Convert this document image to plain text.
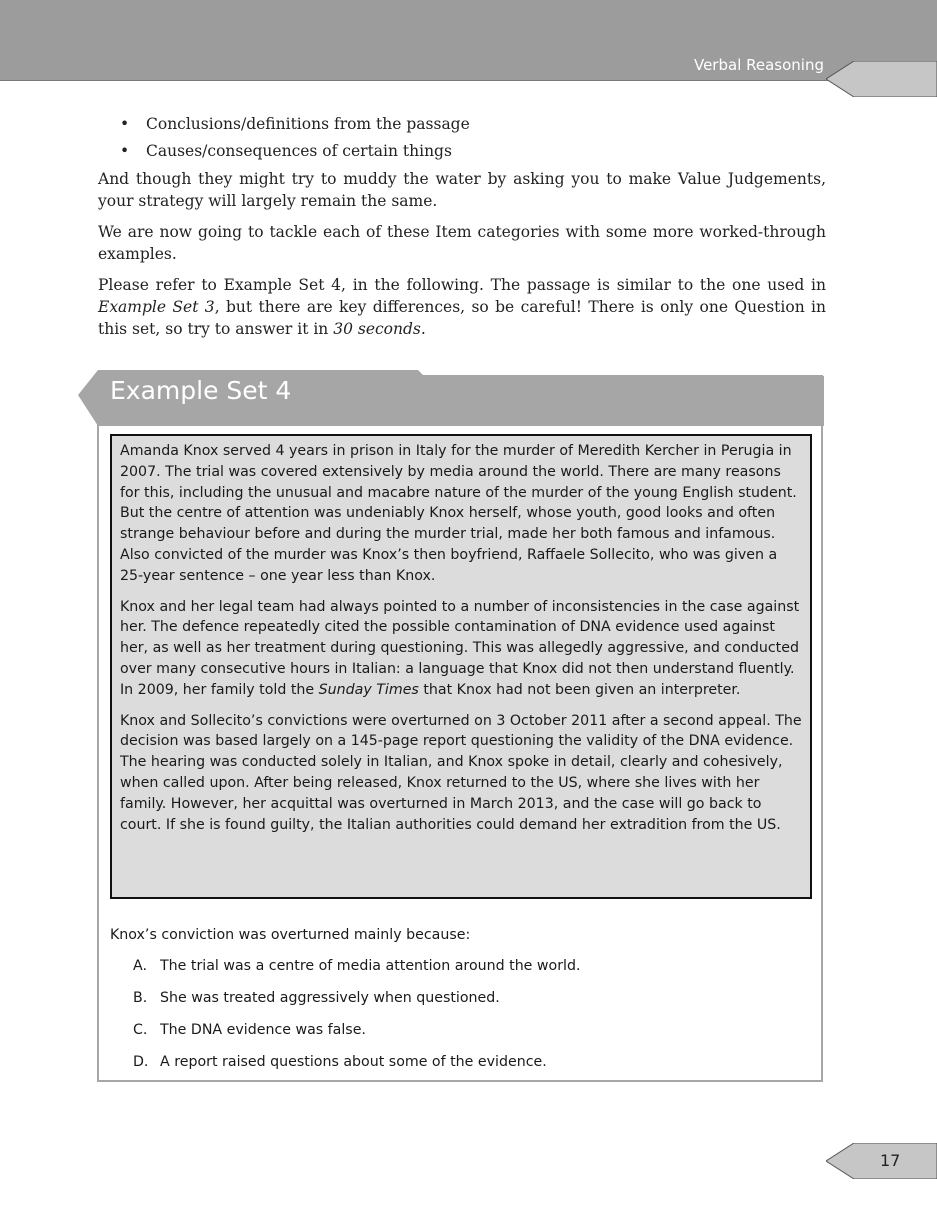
Verbal Reasoning
• Conclusions/definitions from the passage
• Causes/consequences of certain things

And though they might try to muddy the water by asking you to make Value Judgements, your strategy will largely remain the same.

We are now going to tackle each of these Item categories with some more worked-through examples.

Please refer to Example Set 4, in the following. The passage is similar to the one used in Example Set 3, but there are key differences, so be careful! There is only one Question in this set, so try to answer it in 30 seconds.

Example Set 4

Amanda Knox served 4 years in prison in Italy for the murder of Meredith Kercher in Perugia in 2007. The trial was covered extensively by media around the world. There are many reasons for this, including the unusual and macabre nature of the murder of the young English student. But the centre of attention was undeniably Knox herself, whose youth, good looks and often strange behaviour before and during the murder trial, made her both famous and infamous. Also convicted of the murder was Knox’s then boyfriend, Raffaele Sollecito, who was given a 25-year sentence – one year less than Knox.

Knox and her legal team had always pointed to a number of inconsistencies in the case against her. The defence repeatedly cited the possible contamination of DNA evidence used against her, as well as her treatment during questioning. This was allegedly aggressive, and conducted over many consecutive hours in Italian: a language that Knox did not then understand fluently. In 2009, her family told the Sunday Times that Knox had not been given an interpreter.

Knox and Sollecito’s convictions were overturned on 3 October 2011 after a second appeal. The decision was based largely on a 145-page report questioning the validity of the DNA evidence. The hearing was conducted solely in Italian, and Knox spoke in detail, clearly and cohesively, when called upon. After being released, Knox returned to the US, where she lives with her family. However, her acquittal was overturned in March 2013, and the case will go back to court. If she is found guilty, the Italian authorities could demand her extradition from the US.

Knox’s conviction was overturned mainly because:
A. The trial was a centre of media attention around the world.
B. She was treated aggressively when questioned.
C. The DNA evidence was false.
D. A report raised questions about some of the evidence.
17
